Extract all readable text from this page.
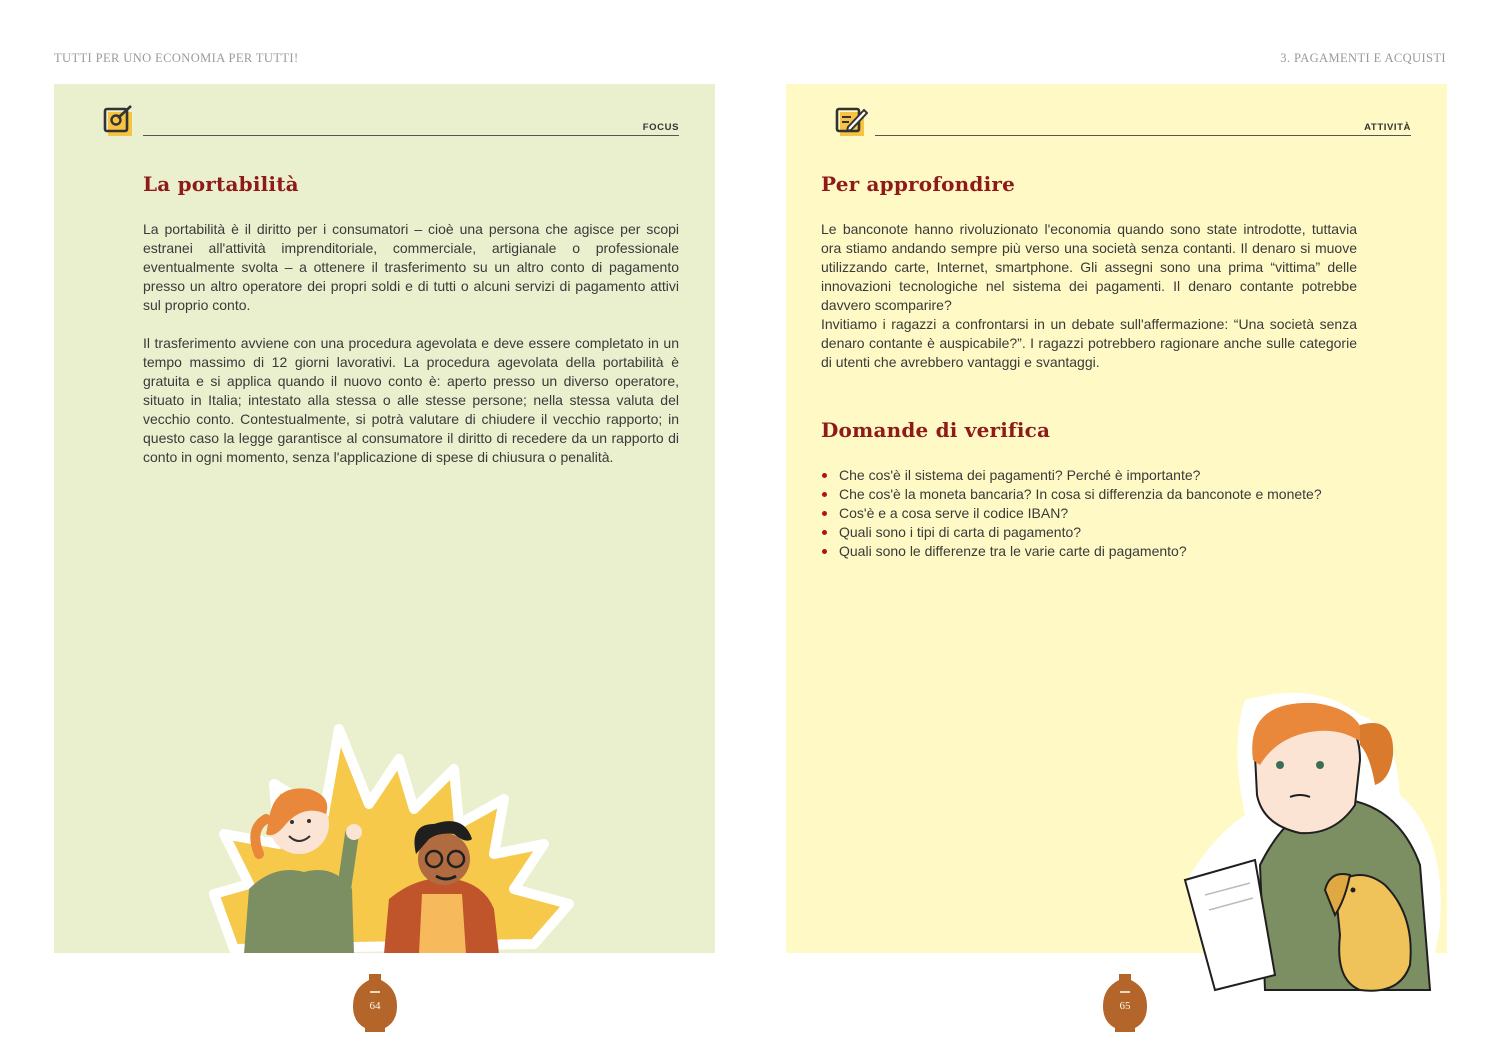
TUTTI PER UNO ECONOMIA PER TUTTI!	3. PAGAMENTI E ACQUISTI
FOCUS
La portabilità

La portabilità è il diritto per i consumatori – cioè una persona che agisce per scopi estranei all'attività imprenditoriale, commerciale, artigianale o professionale eventualmente svolta – a ottenere il trasferimento su un altro conto di pagamento presso un altro operatore dei propri soldi e di tutti o alcuni servizi di pagamento attivi sul proprio conto.

Il trasferimento avviene con una procedura agevolata e deve essere completato in un tempo massimo di 12 giorni lavorativi. La procedura agevolata della portabilità è gratuita e si applica quando il nuovo conto è: aperto presso un diverso operatore, situato in Italia; intestato alla stessa o alle stesse persone; nella stessa valuta del vecchio conto. Contestualmente, si potrà valutare di chiudere il vecchio rapporto; in questo caso la legge garantisce al consumatore il diritto di recedere da un rapporto di conto in ogni momento, senza l'applicazione di spese di chiusura o penalità.

ATTIVITÀ
Per approfondire
Le banconote hanno rivoluzionato l'economia quando sono state introdotte, tuttavia ora stiamo andando sempre più verso una società senza contanti. Il denaro si muove utilizzando carte, Internet, smartphone. Gli assegni sono una prima “vittima” delle innovazioni tecnologiche nel sistema dei pagamenti. Il denaro contante potrebbe davvero scomparire?
Invitiamo i ragazzi a confrontarsi in un debate sull'affermazione: “Una società senza denaro contante è auspicabile?”. I ragazzi potrebbero ragionare anche sulle categorie di utenti che avrebbero vantaggi e svantaggi.
Domande di verifica
Che cos'è il sistema dei pagamenti? Perché è importante?
Che cos'è la moneta bancaria? In cosa si differenzia da banconote e monete?
Cos'è e a cosa serve il codice IBAN?
Quali sono i tipi di carta di pagamento?
Quali sono le differenze tra le varie carte di pagamento?
64	65
